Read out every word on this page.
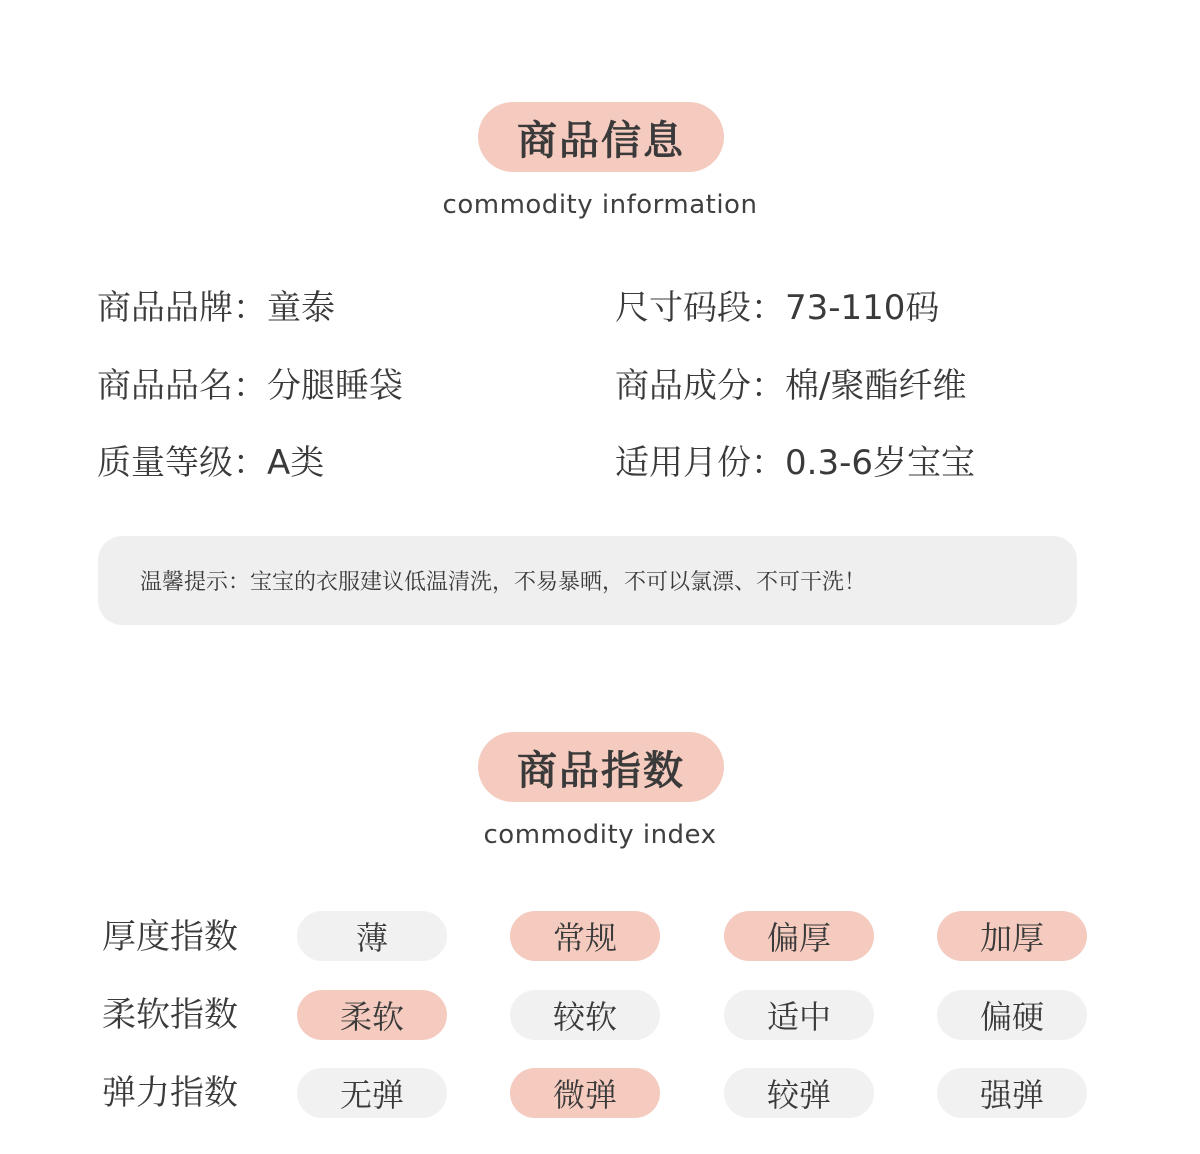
商品信息
commodity information
商品品牌：童泰	尺寸码段：73-110码
商品品名：分腿睡袋	商品成分：棉/聚酯纤维
质量等级：A类	适用月份：0.3-6岁宝宝
温馨提示：宝宝的衣服建议低温清洗，不易暴晒，不可以氯漂、不可干洗！
商品指数
commodity index
厚度指数	薄	常规	偏厚	加厚
柔软指数	柔软	较软	适中	偏硬
弹力指数	无弹	微弹	较弹	强弹
